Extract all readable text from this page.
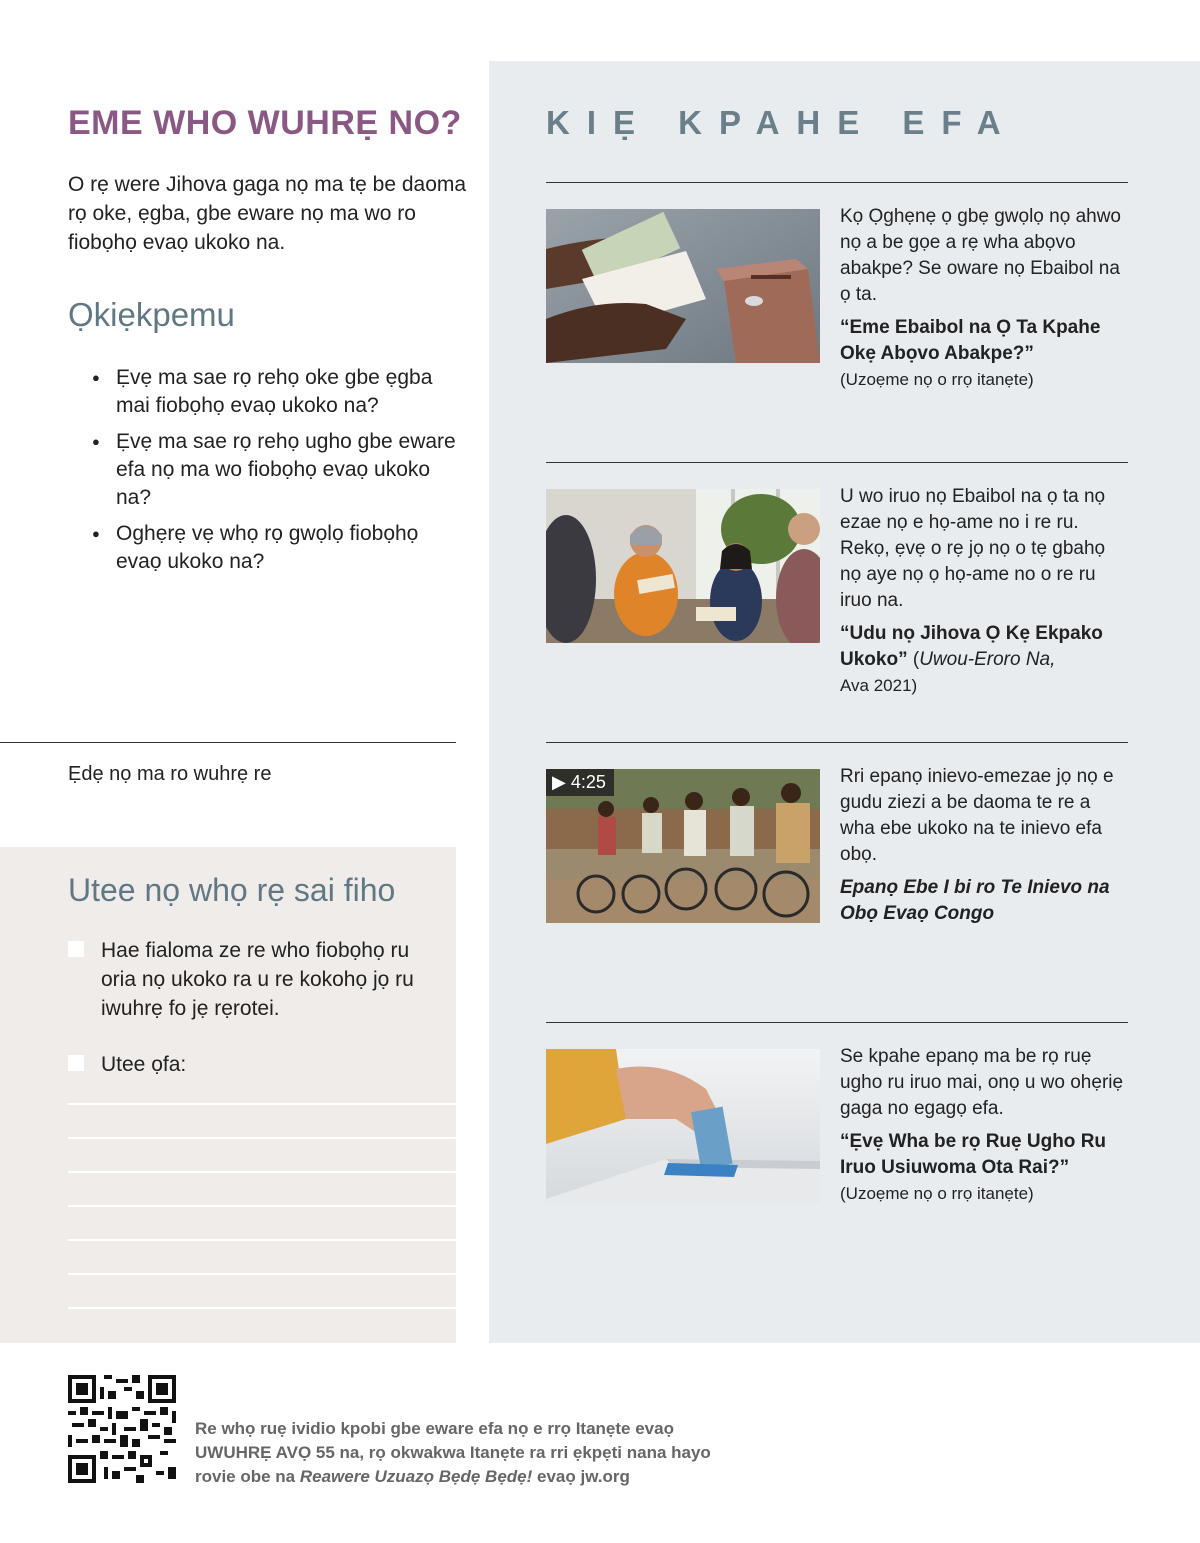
EME WHO WUHRẸ NO?

O rẹ were Jihova gaga nọ ma tẹ be daoma rọ oke, ẹgba, gbe eware nọ ma wo ro fiobọhọ evaọ ukoko na.

Ọkiẹkpemu
● Ẹvẹ ma sae rọ rehọ oke gbe ẹgba mai fiobọhọ evaọ ukoko na?
● Ẹvẹ ma sae rọ rehọ ugho gbe eware efa nọ ma wo fiobọhọ evaọ ukoko na?
● Oghẹrẹ vẹ whọ rọ gwọlọ fiobọhọ evaọ ukoko na?
Ẹdẹ nọ ma ro wuhrẹ re
Utee nọ whọ rẹ sai fiho
Hae fialoma ze re who fiobọhọ ru oria nọ ukoko ra u re kokohọ jọ ru iwuhrẹ fo jẹ rẹrotei.
Utee ọfa:
KIẸ KPAHE EFA

Kọ Ọghẹnẹ ọ gbẹ gwọlọ nọ ahwo nọ a be gọe a rẹ wha abọvo abakpe? Se oware nọ Ebaibol na ọ ta.

“Eme Ebaibol na Ọ Ta Kpahe Okẹ Abọvo Abakpe?”

(Uzoẹme nọ o rrọ itanẹte)

U wo iruo nọ Ebaibol na ọ ta nọ ezae nọ e họ-ame no i re ru. Rekọ, ẹvẹ o rẹ jọ nọ o tẹ gbahọ nọ aye nọ ọ họ-ame no o re ru iruo na.

“Udu nọ Jihova Ọ Kẹ Ekpako Ukoko” (Uwou-Eroro Na,

Ava 2021)

▶ 4:25	Rri epanọ inievo-emezae jọ nọ e gudu ziezi a be daoma te re a wha ebe ukoko na te inievo efa obọ.

Epanọ Ebe I bi ro Te Inievo na Obọ Evaọ Congo

Se kpahe epanọ ma be rọ ruẹ ugho ru iruo mai, onọ u wo ohẹriẹ gaga no egagọ efa.

“Ẹvẹ Wha be rọ Ruẹ Ugho Ru Iruo Usiuwoma Ota Rai?”

(Uzoẹme nọ o rrọ itanẹte)

Re whọ ruẹ ividio kpobi gbe eware efa nọ e rrọ Itanẹte evaọ UWUHRẸ AVỌ 55 na, rọ okwakwa Itanẹte ra rri ẹkpẹti nana hayo rovie obe na Reawere Uzuazọ Bẹdẹ Bẹdẹ! evaọ jw.org
